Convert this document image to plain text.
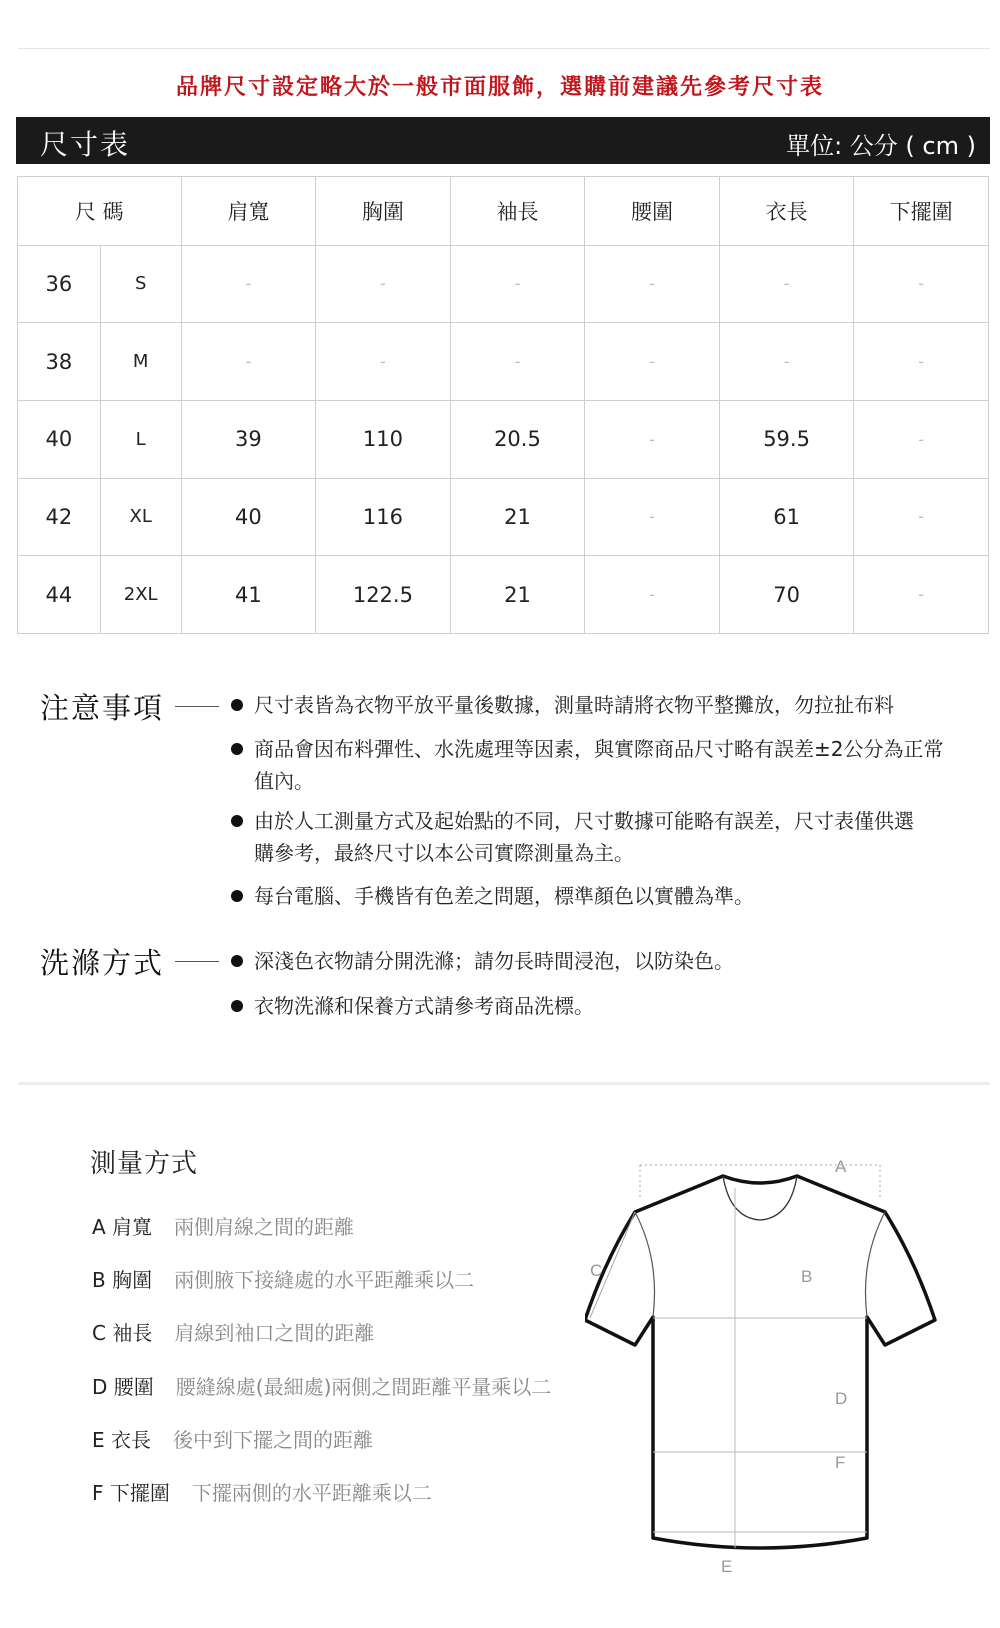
品牌尺寸設定略大於一般市面服飾，選購前建議先參考尺寸表
尺寸表	單位: 公分 ( cm )
尺 碼		肩寬	胸圍	袖長	腰圍	衣長	下擺圍
36	S	-	-	-	-	-	-
38	M	-	-	-	-	-	-
40	L	39	110	20.5	-	59.5	-
42	XL	40	116	21	-	61	-
44	2XL	41	122.5	21	-	70	-
注意事項	尺寸表皆為衣物平放平量後數據，測量時請將衣物平整攤放，勿拉扯布料
商品會因布料彈性、水洗處理等因素，與實際商品尺寸略有誤差±2公分為正常值內。
由於人工測量方式及起始點的不同，尺寸數據可能略有誤差，尺寸表僅供選購參考，最終尺寸以本公司實際測量為主。
每台電腦、手機皆有色差之問題，標準顏色以實體為準。
洗滌方式	深淺色衣物請分開洗滌；請勿長時間浸泡，以防染色。
衣物洗滌和保養方式請參考商品洗標。
測量方式
A 肩寬 兩側肩線之間的距離
B 胸圍 兩側腋下接縫處的水平距離乘以二
C 袖長 肩線到袖口之間的距離
D 腰圍 腰縫線處(最細處)兩側之間距離平量乘以二
E 衣長 後中到下擺之間的距離
F 下擺圍 下擺兩側的水平距離乘以二
A
B
C
D
E
F
